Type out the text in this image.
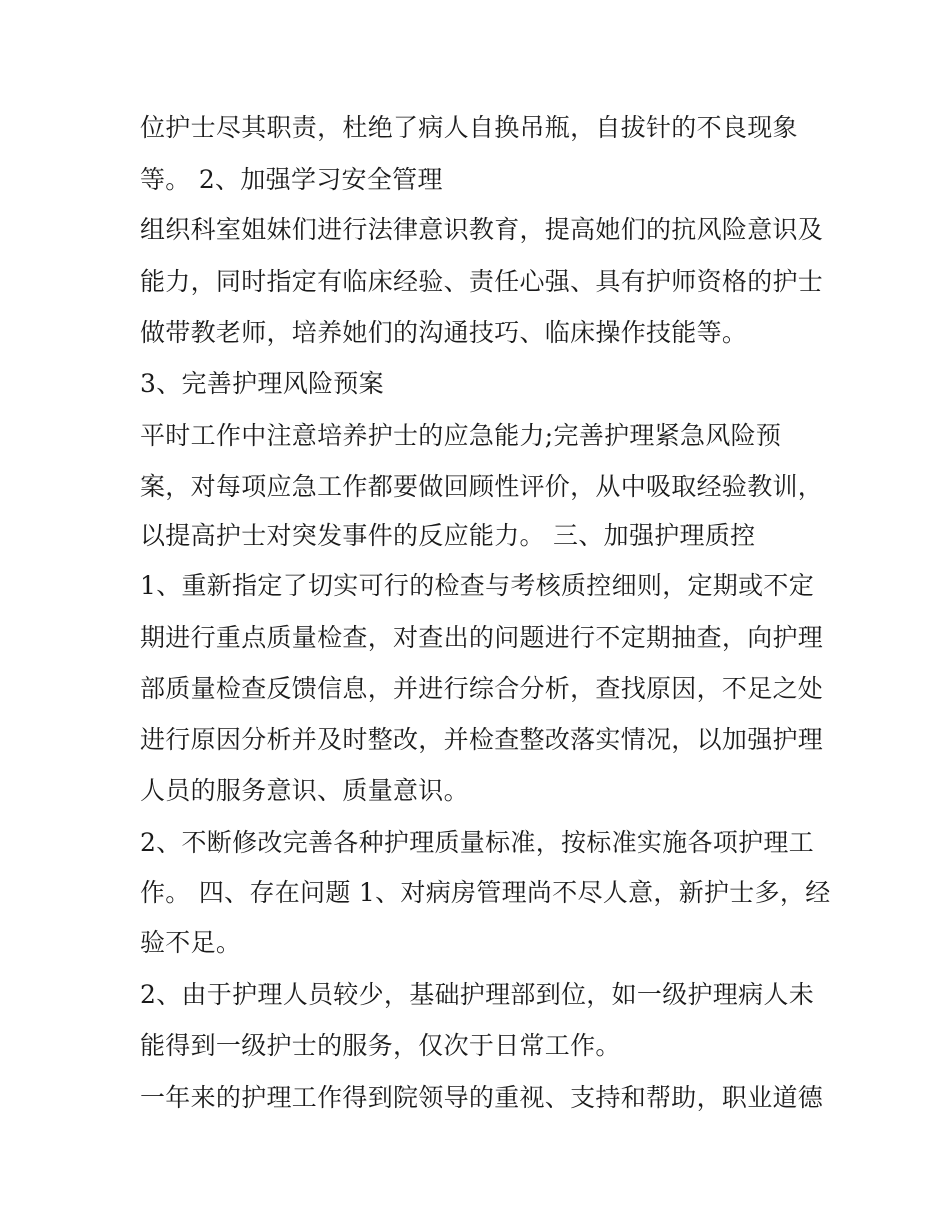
位护士尽其职责，杜绝了病人自换吊瓶，自拔针的不良现象
等。 2、加强学习安全管理
组织科室姐妹们进行法律意识教育，提高她们的抗风险意识及
能力，同时指定有临床经验、责任心强、具有护师资格的护士
做带教老师，培养她们的沟通技巧、临床操作技能等。
3、完善护理风险预案
平时工作中注意培养护士的应急能力;完善护理紧急风险预
案，对每项应急工作都要做回顾性评价，从中吸取经验教训，
以提高护士对突发事件的反应能力。 三、加强护理质控
1、重新指定了切实可行的检查与考核质控细则，定期或不定
期进行重点质量检查，对查出的问题进行不定期抽查，向护理
部质量检查反馈信息，并进行综合分析，查找原因，不足之处
进行原因分析并及时整改，并检查整改落实情况，以加强护理
人员的服务意识、质量意识。
2、不断修改完善各种护理质量标准，按标准实施各项护理工
作。 四、存在问题 1、对病房管理尚不尽人意，新护士多，经
验不足。
2、由于护理人员较少，基础护理部到位，如一级护理病人未
能得到一级护士的服务，仅次于日常工作。
一年来的护理工作得到院领导的重视、支持和帮助，职业道德
